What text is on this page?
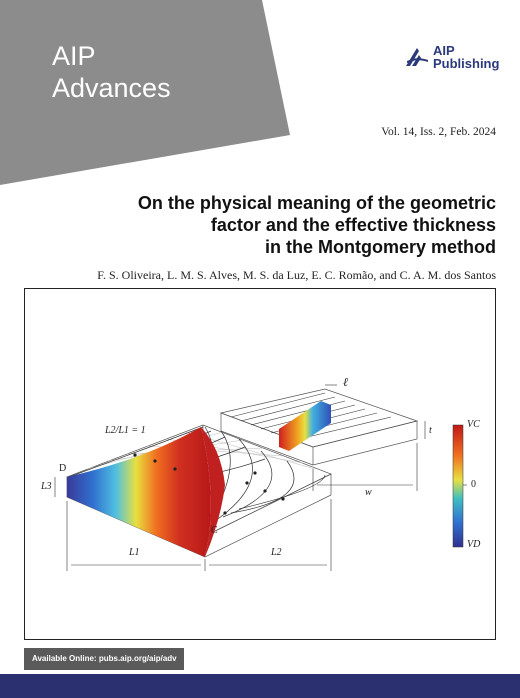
AIP
Advances
AIP
Publishing
Vol. 14, Iss. 2, Feb. 2024
On the physical meaning of the geometric
factor and the effective thickness
in the Montgomery method
F. S. Oliveira, L. M. S. Alves, M. S. da Luz, E. C. Romão, and C. A. M. dos Santos
L2/L1 = 1
D
C
L3
L1	L2
ℓ
t
w
VC
0
VD
Available Online: pubs.aip.org/aip/adv
